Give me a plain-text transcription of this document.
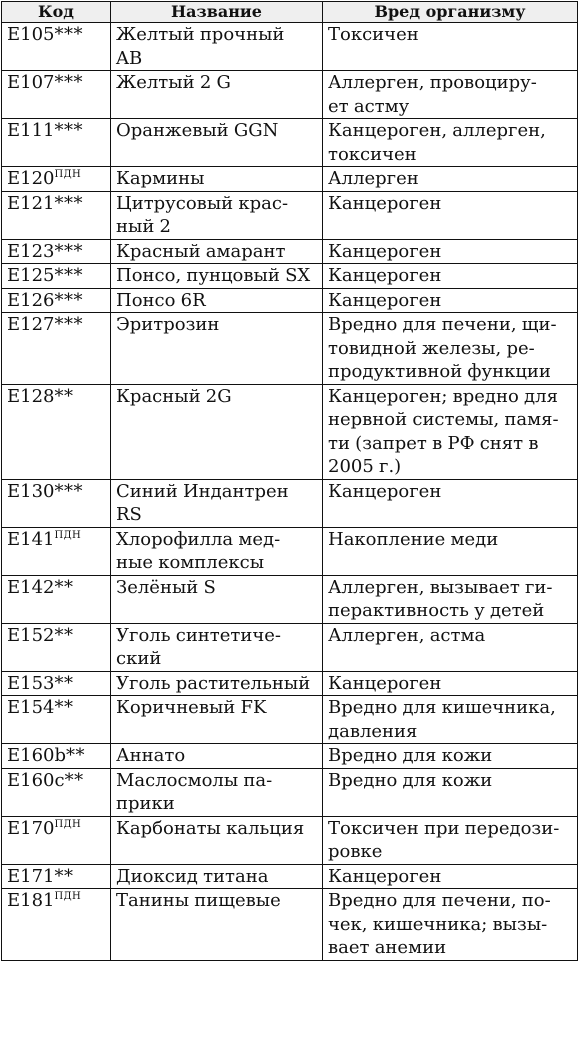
Код	Название	Вред организму
E105***	Желтый прочный
AB	Токсичен

E107***	Желтый 2 G	Аллерген, провоциру-
ет астму

E111***	Оранжевый GGN	Канцероген, аллерген,
токсичен

$E120^{ПДН}$	Кармины	Аллерген

E121***	Цитрусовый крас-
ный 2	Канцероген

E123***	Красный амарант	Канцероген

E125***	Понсо, пунцовый SX	Канцероген

E126***	Понсо 6R	Канцероген

E127***	Эритрозин	Вредно для печени, щи-
товидной железы, ре-
продуктивной функции

E128**	Красный 2G	Канцероген; вредно для
нервной системы, памя-
ти (запрет в РФ снят в
2005 г.)

E130***	Синий Индантрен
RS	Канцероген

$E141^{ПДН}$	Хлорофилла мед-
ные комплексы	Накопление меди

E142**	Зелёный S	Аллерген, вызывает ги-
перактивность у детей

E152**	Уголь синтетиче-
ский	Аллерген, астма

E153**	Уголь растительный	Канцероген

E154**	Коричневый FK	Вредно для кишечника,
давления

E160b**	Аннато	Вредно для кожи

E160c**	Маслосмолы па-
прики	Вредно для кожи

$E170^{ПДН}$	Карбонаты кальция	Токсичен при передози-
ровке

E171**	Диоксид титана	Канцероген

$E181^{ПДН}$	Танины пищевые	Вредно для печени, по-
чек, кишечника; вызы-
вает анемии
